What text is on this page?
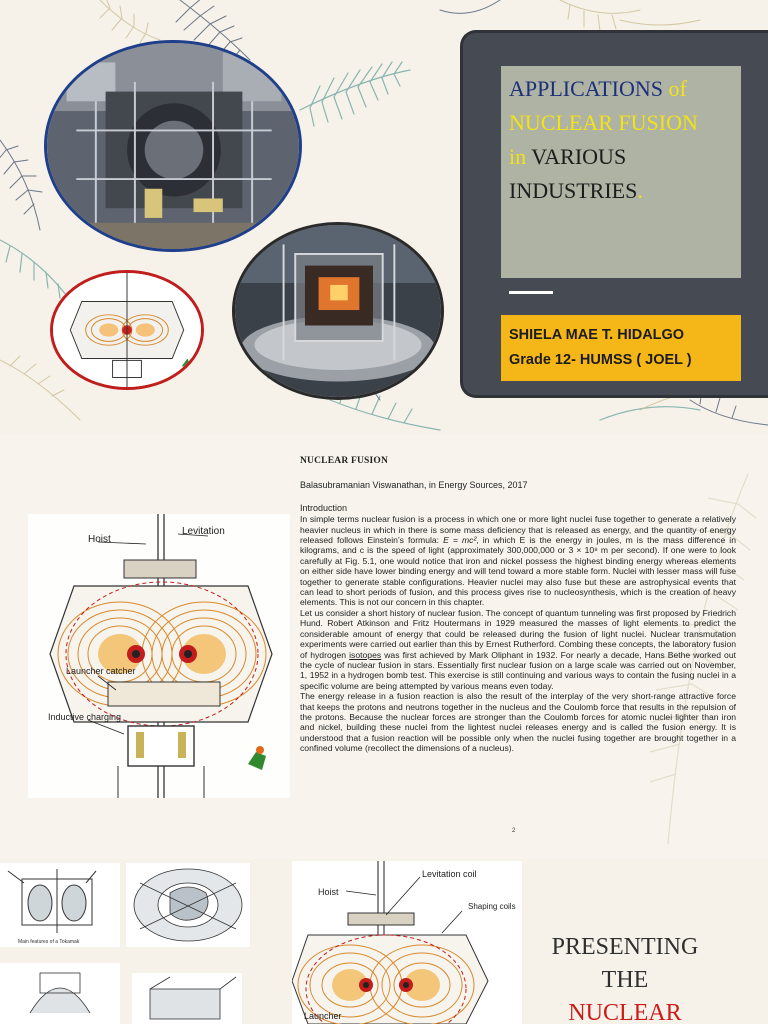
APPLICATIONS of
NUCLEAR FUSION
in VARIOUS
INDUSTRIES.
SHIELA MAE T. HIDALGO
Grade 12- HUMSS ( JOEL )
Hoist
Levitation
Launcher catcher
Inductive charging
NUCLEAR FUSION
Balasubramanian Viswanathan, in Energy Sources, 2017
Introduction

In simple terms nuclear fusion is a process in which one or more light nuclei fuse together to generate a relatively heavier nucleus in which in there is some mass deficiency that is released as energy, and the quantity of energy released follows Einstein’s formula: E = mc², in which E is the energy in joules, m is the mass difference in kilograms, and c is the speed of light (approximately 300,000,000 or 3 × 10⁸ m per second). If one were to look carefully at Fig. 5.1, one would notice that iron and nickel possess the highest binding energy whereas elements on either side have lower binding energy and will tend toward a more stable form. Nuclei with lesser mass will fuse together to generate stable configurations. Heavier nuclei may also fuse but these are astrophysical events that can lead to short periods of fusion, and this process gives rise to nucleosynthesis, which is the creation of heavy elements. This is not our concern in this chapter.

Let us consider a short history of nuclear fusion. The concept of quantum tunneling was first proposed by Friedrich Hund. Robert Atkinson and Fritz Houtermans in 1929 measured the masses of light elements to predict the considerable amount of energy that could be released during the fusion of light nuclei. Nuclear transmutation experiments were carried out earlier than this by Ernest Rutherford. Combing these concepts, the laboratory fusion of hydrogen isotopes was first achieved by Mark Oliphant in 1932. For nearly a decade, Hans Bethe worked out the cycle of nuclear fusion in stars. Essentially first nuclear fusion on a large scale was carried out on November, 1, 1952 in a hydrogen bomb test. This exercise is still continuing and various ways to contain the fusing nuclei in a specific volume are being attempted by various means even today.

The energy release in a fusion reaction is also the result of the interplay of the very short-range attractive force that keeps the protons and neutrons together in the nucleus and the Coulomb force that results in the repulsion of the protons. Because the nuclear forces are stronger than the Coulomb forces for atomic nuclei lighter than iron and nickel, building these nuclei from the lightest nuclei releases energy and is called the fusion energy. It is understood that a fusion reaction will be possible only when the nuclei fusing together are brought together in a confined volume (recollect the dimensions of a nucleus).

2
Main features of a Tokamak
Hoist
Levitation coil
Shaping coils
Launcher
PRESENTING
THE
NUCLEAR
